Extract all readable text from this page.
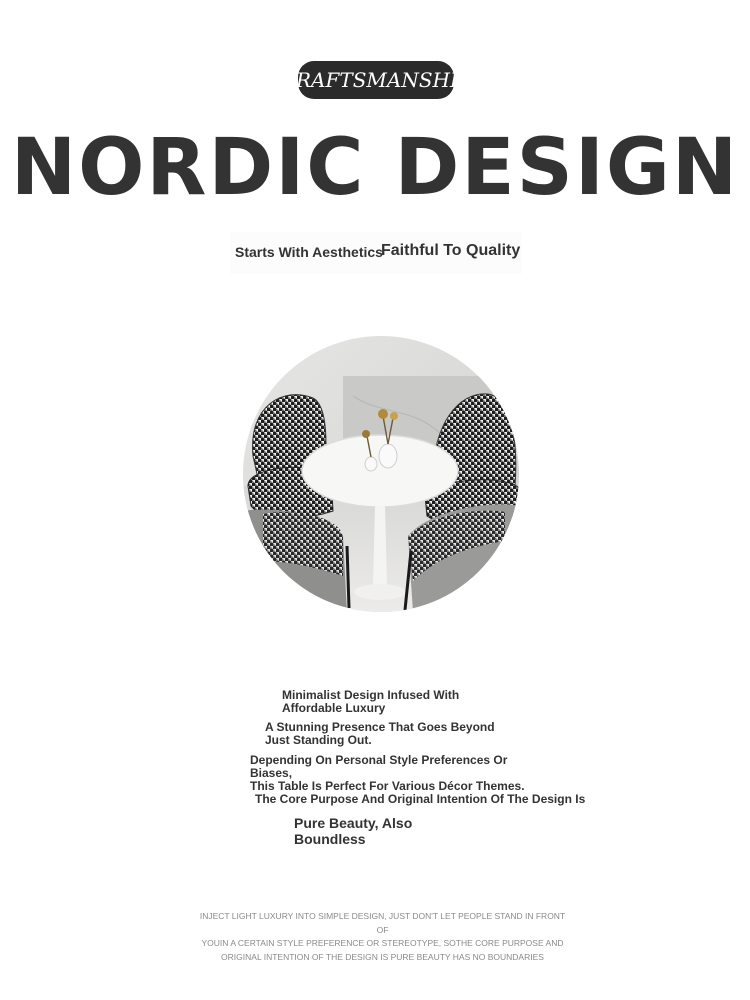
CRAFTSMANSHIP
NORDIC DESIGN
Starts With Aesthetics
Faithful To Quality
Minimalist Design Infused With
Affordable Luxury
A Stunning Presence That Goes Beyond
Just Standing Out.
Depending On Personal Style Preferences Or Biases,
This Table Is Perfect For Various Décor Themes.
The Core Purpose And Original Intention Of The Design Is
Pure Beauty, Also
Boundless
INJECT LIGHT LUXURY INTO SIMPLE DESIGN, JUST DON'T LET PEOPLE STAND IN FRONT OF
YOUIN A CERTAIN STYLE PREFERENCE OR STEREOTYPE, SOTHE CORE PURPOSE AND
ORIGINAL INTENTION OF THE DESIGN IS PURE BEAUTY HAS NO BOUNDARIES
